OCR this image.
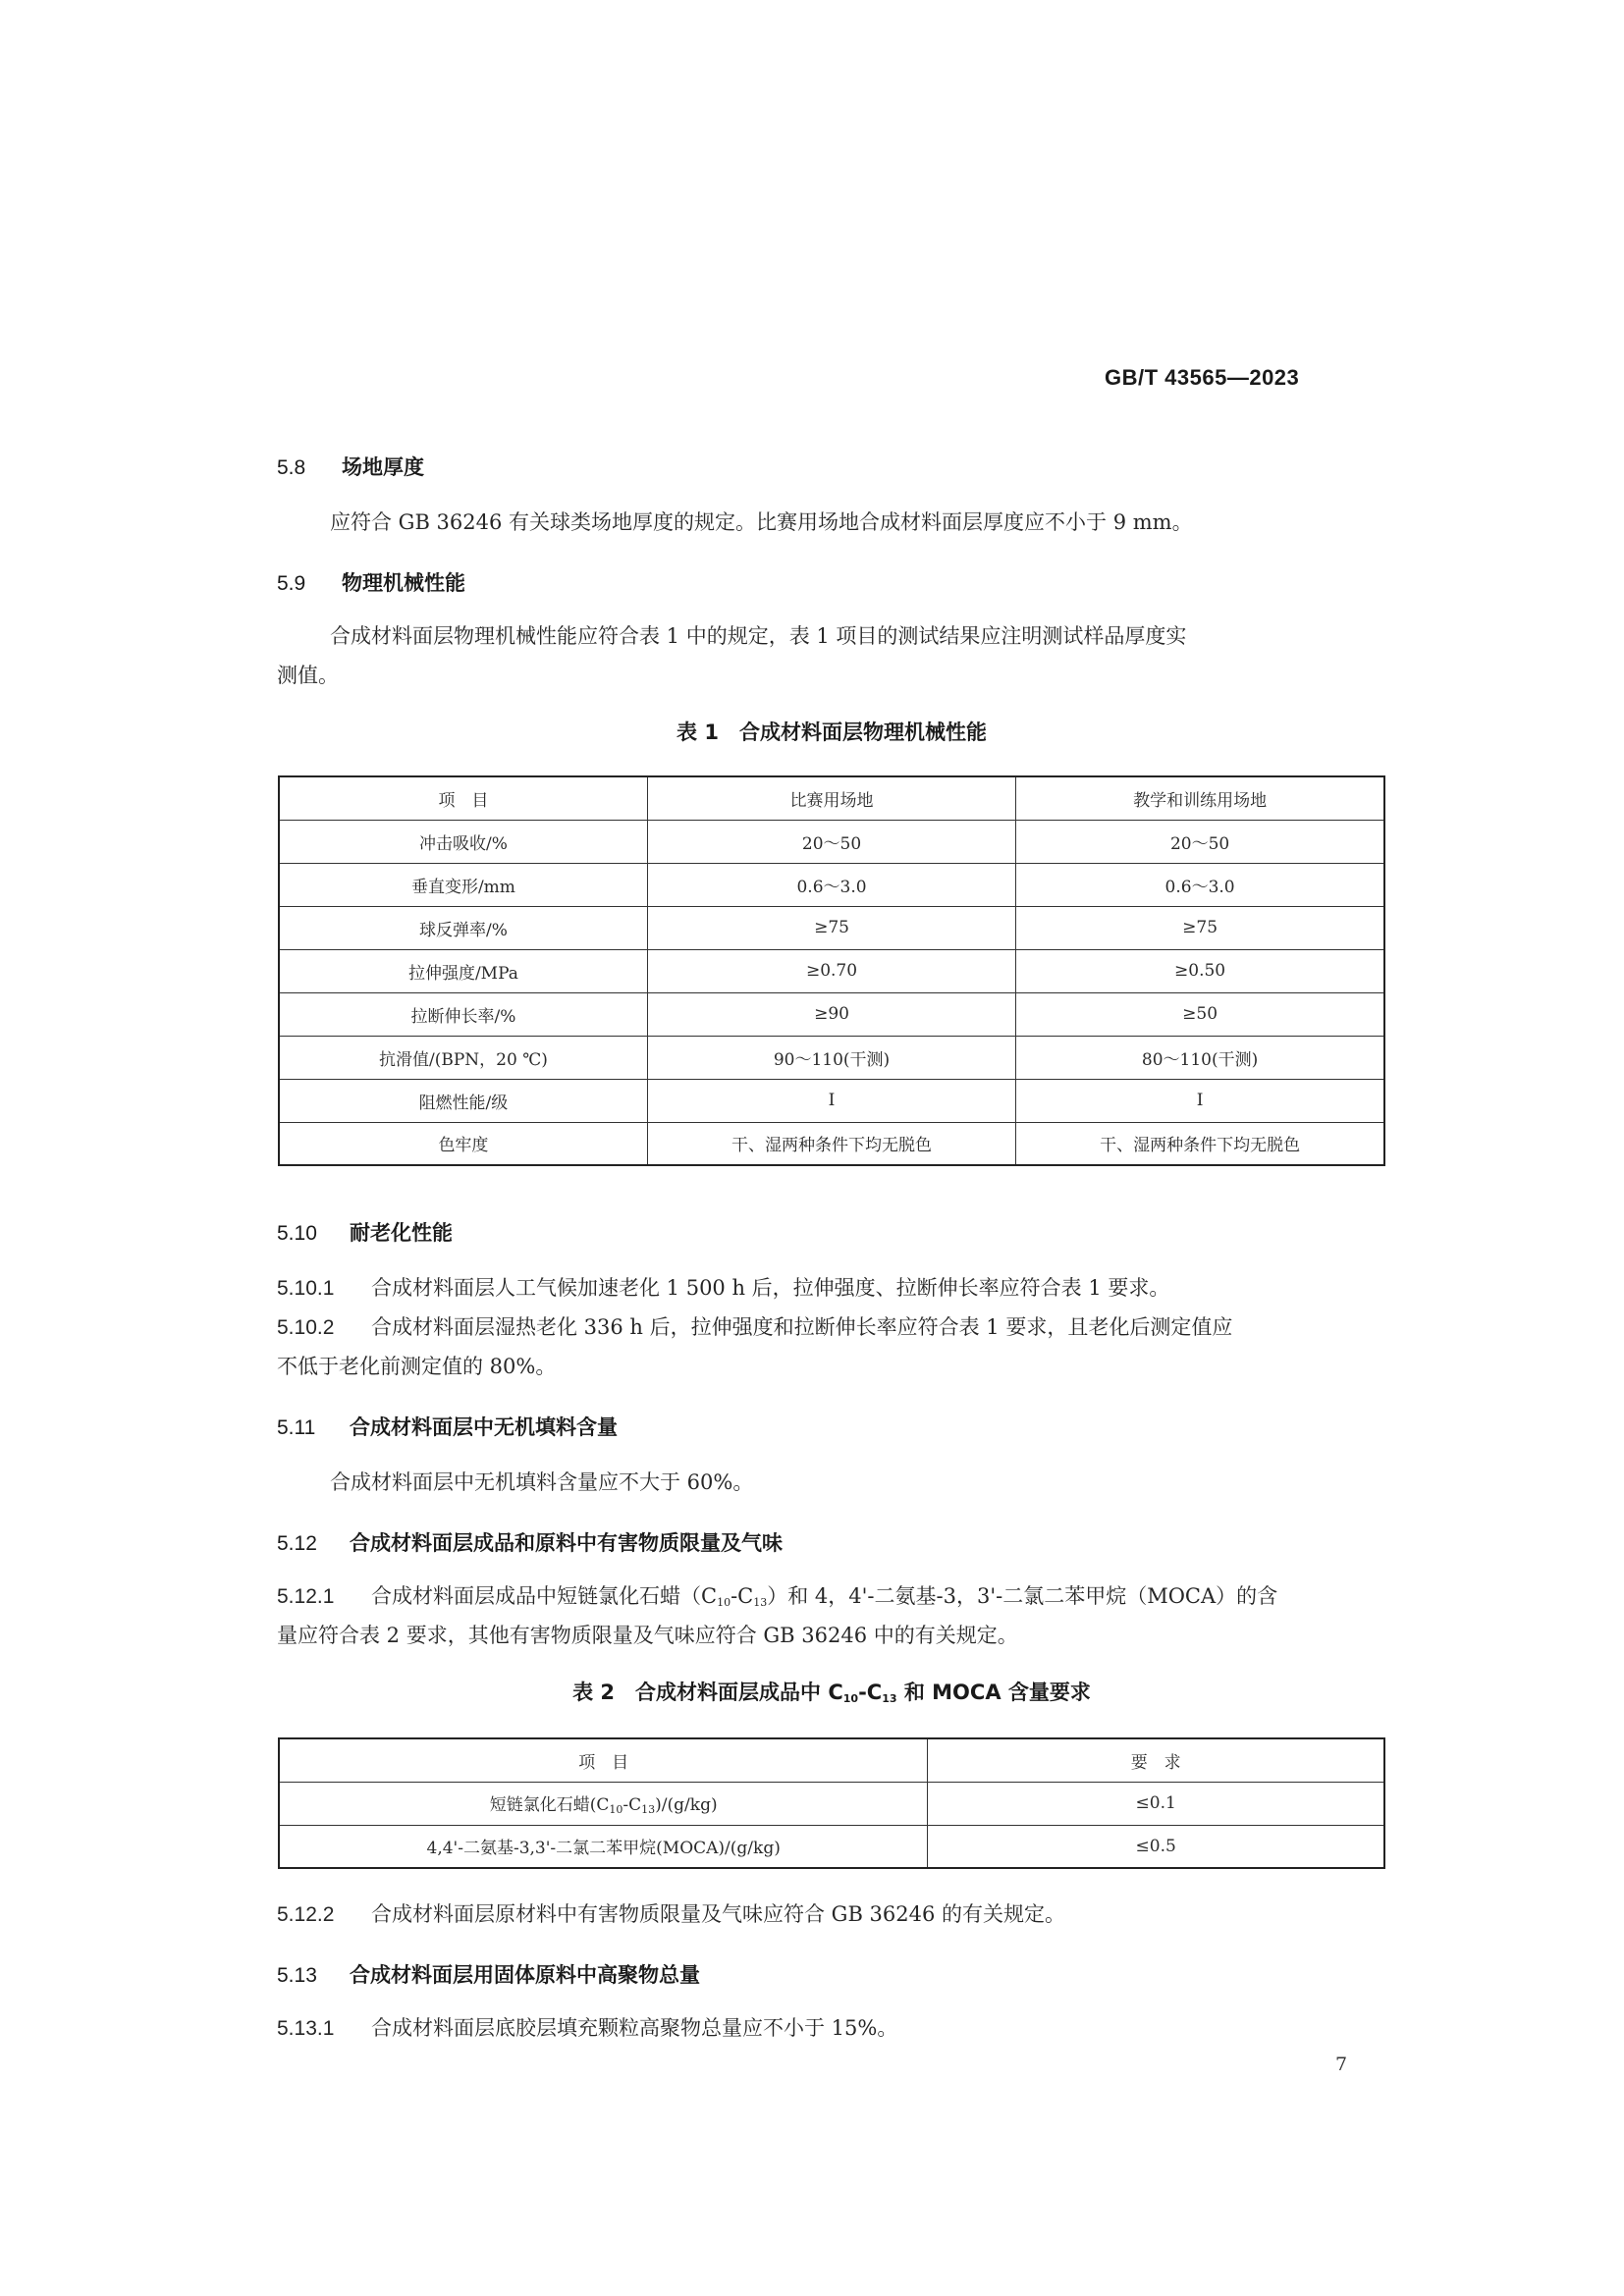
GB/T 43565—2023
5.8 场地厚度
应符合 GB 36246 有关球类场地厚度的规定。比赛用场地合成材料面层厚度应不小于 9 mm。
5.9 物理机械性能
合成材料面层物理机械性能应符合表 1 中的规定，表 1 项目的测试结果应注明测试样品厚度实
测值。
表 1　合成材料面层物理机械性能
项　目	比赛用场地	教学和训练用场地
冲击吸收/%	20～50	20～50
垂直变形/mm	0.6～3.0	0.6～3.0
球反弹率/%	≥75	≥75
拉伸强度/MPa	≥0.70	≥0.50
拉断伸长率/%	≥90	≥50
抗滑值/(BPN，20 ℃)	90～110(干测)	80～110(干测)
阻燃性能/级	Ⅰ	Ⅰ
色牢度	干、湿两种条件下均无脱色	干、湿两种条件下均无脱色
5.10 耐老化性能
5.10.1 合成材料面层人工气候加速老化 1 500 h 后，拉伸强度、拉断伸长率应符合表 1 要求。
5.10.2 合成材料面层湿热老化 336 h 后，拉伸强度和拉断伸长率应符合表 1 要求，且老化后测定值应
不低于老化前测定值的 80%。
5.11 合成材料面层中无机填料含量
合成材料面层中无机填料含量应不大于 60%。
5.12 合成材料面层成品和原料中有害物质限量及气味
5.12.1 合成材料面层成品中短链氯化石蜡$(C_{10}-C_{13})$和 4，4'-二氨基-3，3'-二氯二苯甲烷（MOCA）的含
量应符合表 2 要求，其他有害物质限量及气味应符合 GB 36246 中的有关规定。
表 2　合成材料面层成品中 $C_{10}-C_{13}$ 和 MOCA 含量要求
项　目	要　求
短链氯化石蜡$(C_{10}-C_{13})/(g/kg)$	≤0.1
4,4'-二氨基-3,3'-二氯二苯甲烷(MOCA)/(g/kg)	≤0.5
5.12.2 合成材料面层原材料中有害物质限量及气味应符合 GB 36246 的有关规定。
5.13 合成材料面层用固体原料中高聚物总量
5.13.1 合成材料面层底胶层填充颗粒高聚物总量应不小于 15%。
7
